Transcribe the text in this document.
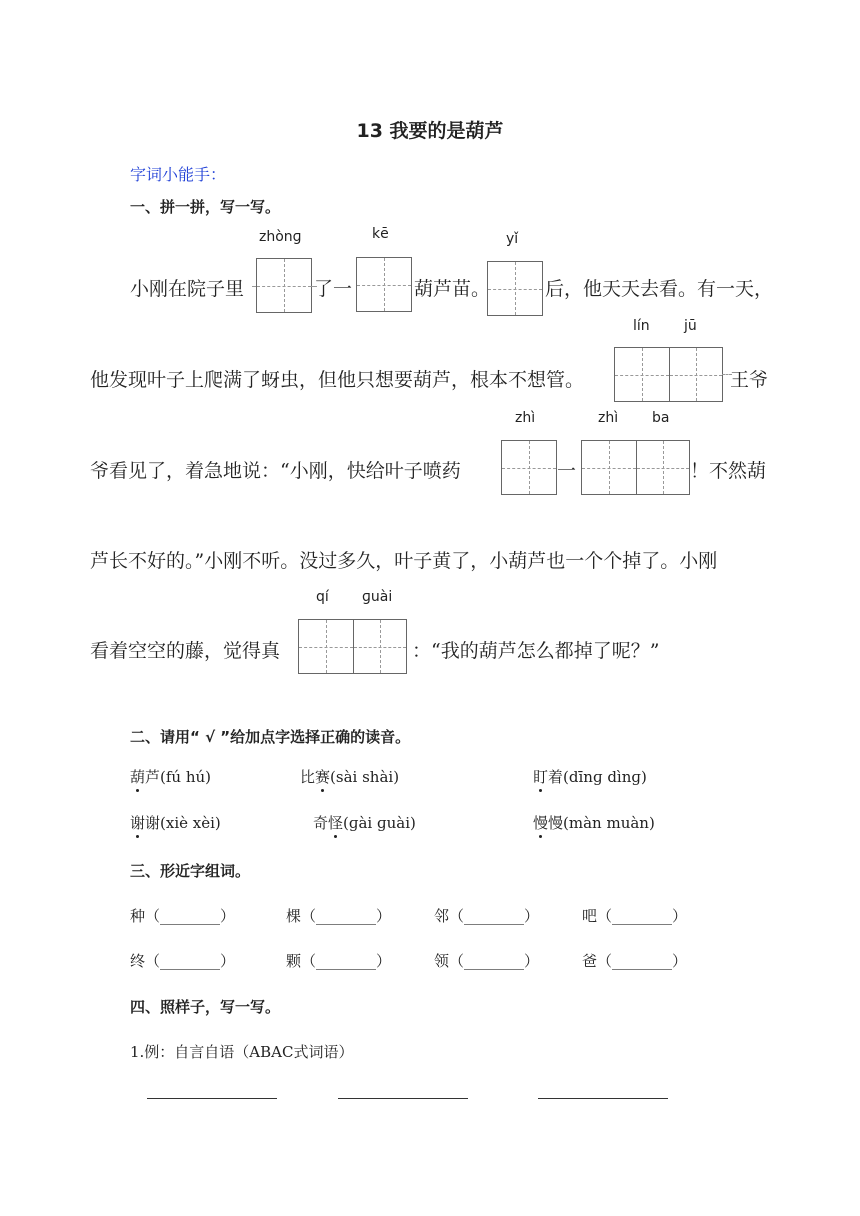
13 我要的是葫芦
字词小能手：
一、拼一拼，写一写。
zhònɡ	kē	yǐ
lín jū
zhì	zhì ba
qí ɡuài
小刚在院子里	了一	葫芦苗。	后，他天天去看。有一天，
他发现叶子上爬满了蚜虫，但他只想要葫芦，根本不想管。	王爷
爷看见了，着急地说：“小刚，快给叶子喷药	一	！不然葫
芦长不好的。”小刚不听。没过多久，叶子黄了，小葫芦也一个个掉了。小刚
看着空空的藤，觉得真	：“我的葫芦怎么都掉了呢？”
二、请用“ √ ”给加点字选择正确的读音。
葫芦(fú hú)	比赛(sài shài)	盯着(dīnɡ dìnɡ)
谢谢(xiè xèi)	奇怪(ɡài ɡuài)	慢慢(màn muàn)
三、形近字组词。
种（________）	棵（________）	邻（________）	吧（________）
终（________）	颗（________）	领（________）	爸（________）
四、照样子，写一写。
1.例：自言自语（ABAC式词语）
